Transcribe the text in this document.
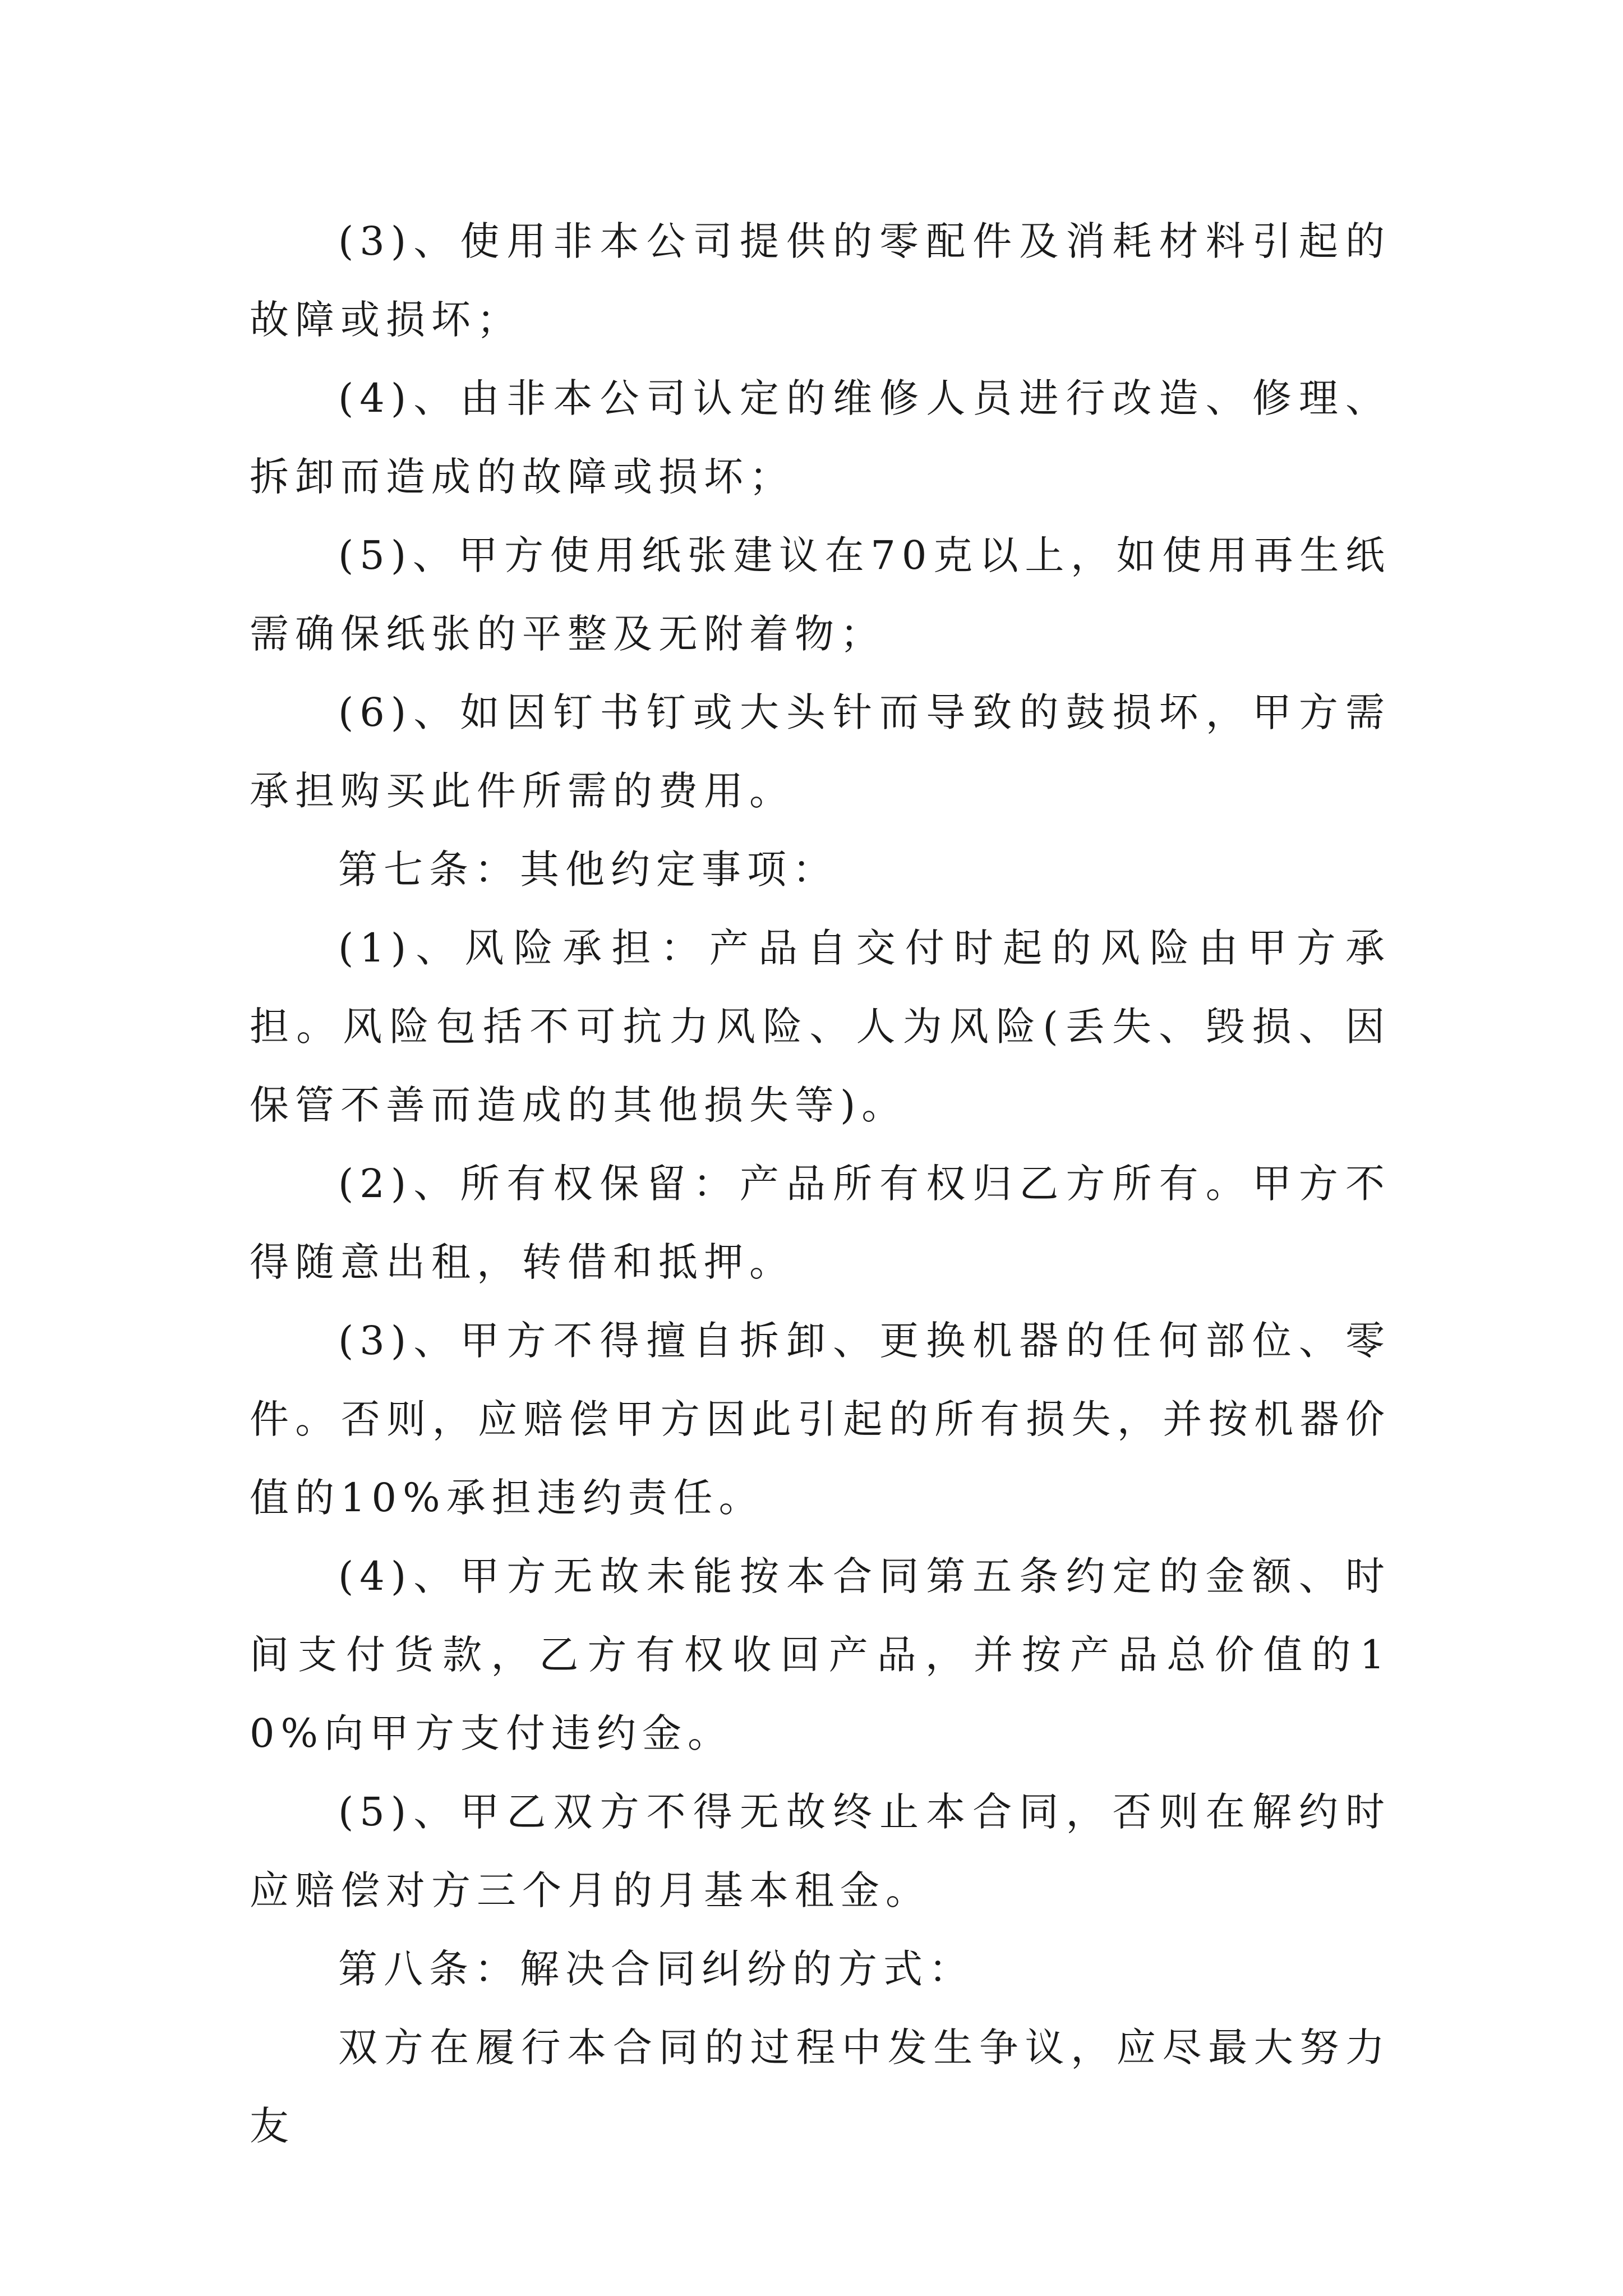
(3)、使用非本公司提供的零配件及消耗材料引起的故障或损坏；

(4)、由非本公司认定的维修人员进行改造、修理、拆卸而造成的故障或损坏；

(5)、甲方使用纸张建议在70克以上，如使用再生纸需确保纸张的平整及无附着物；

(6)、如因钉书钉或大头针而导致的鼓损坏，甲方需承担购买此件所需的费用。

第七条：其他约定事项：

(1)、风险承担：产品自交付时起的风险由甲方承担。风险包括不可抗力风险、人为风险(丢失、毁损、因保管不善而造成的其他损失等)。

(2)、所有权保留：产品所有权归乙方所有。甲方不得随意出租，转借和抵押。

(3)、甲方不得擅自拆卸、更换机器的任何部位、零件。否则，应赔偿甲方因此引起的所有损失，并按机器价值的10%承担违约责任。

(4)、甲方无故未能按本合同第五条约定的金额、时间支付货款，乙方有权收回产品，并按产品总价值的10%向甲方支付违约金。

(5)、甲乙双方不得无故终止本合同，否则在解约时应赔偿对方三个月的月基本租金。

第八条：解决合同纠纷的方式：

双方在履行本合同的过程中发生争议，应尽最大努力友
